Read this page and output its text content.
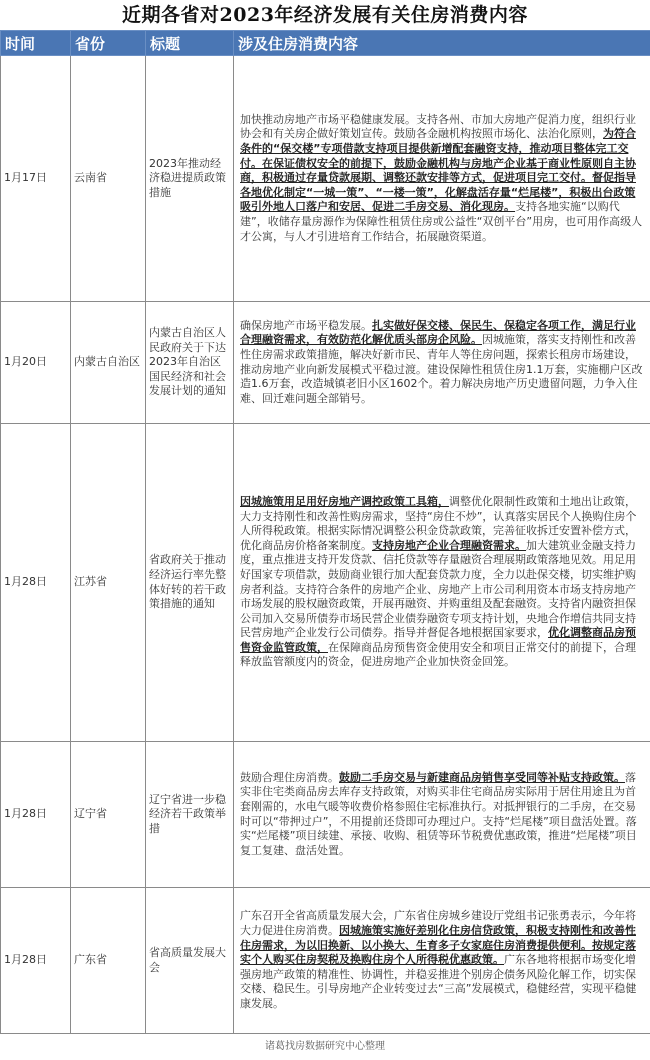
近期各省对2023年经济发展有关住房消费内容
时间	省份	标题	涉及住房消费内容
1月17日	云南省	2023年推动经济稳进提质政策措施	加快推动房地产市场平稳健康发展。支持各州、市加大房地产促消力度，组织行业协会和有关房企做好策划宣传。鼓励各金融机构按照市场化、法治化原则，为符合条件的“保交楼”专项借款支持项目提供新增配套融资支持，推动项目整体完工交付。在保证债权安全的前提下，鼓励金融机构与房地产企业基于商业性原则自主协商，积极通过存量贷款展期、调整还款安排等方式，促进项目完工交付。督促指导各地优化制定“一城一策”、“一楼一策”，化解盘活存量“烂尾楼”，积极出台政策吸引外地人口落户和安居、促进二手房交易、消化现房。支持各地实施“以购代建”，收储存量房源作为保障性租赁住房或公益性“双创平台”用房，也可用作高级人才公寓，与人才引进培育工作结合，拓展融资渠道。

1月20日	内蒙古自治区	内蒙古自治区人民政府关于下达2023年自治区国民经济和社会发展计划的通知	确保房地产市场平稳发展。扎实做好保交楼、保民生、保稳定各项工作，满足行业合理融资需求，有效防范化解优质头部房企风险。因城施策，落实支持刚性和改善性住房需求政策措施，解决好新市民、青年人等住房问题，探索长租房市场建设，推动房地产业向新发展模式平稳过渡。建设保障性租赁住房1.1万套，实施棚户区改造1.6万套，改造城镇老旧小区1602个。着力解决房地产历史遗留问题，力争入住难、回迁难问题全部销号。

1月28日	江苏省	省政府关于推动经济运行率先整体好转的若干政策措施的通知	因城施策用足用好房地产调控政策工具箱，调整优化限制性政策和土地出让政策，大力支持刚性和改善性购房需求，坚持“房住不炒”，认真落实居民个人换购住房个人所得税政策。根据实际情况调整公积金贷款政策，完善征收拆迁安置补偿方式，优化商品房价格备案制度。支持房地产企业合理融资需求。加大建筑业金融支持力度，重点推进支持开发贷款、信托贷款等存量融资合理展期政策落地见效。用足用好国家专项借款，鼓励商业银行加大配套贷款力度，全力以赴保交楼，切实维护购房者利益。支持符合条件的房地产企业、房地产上市公司利用资本市场支持房地产市场发展的股权融资政策，开展再融资、并购重组及配套融资。支持省内融资担保公司加入交易所债券市场民营企业债券融资专项支持计划，央地合作增信共同支持民营房地产企业发行公司债券。指导并督促各地根据国家要求，优化调整商品房预售资金监管政策，在保障商品房预售资金使用安全和项目正常交付的前提下，合理释放监管额度内的资金，促进房地产企业加快资金回笼。

1月28日	辽宁省	辽宁省进一步稳经济若干政策举措	鼓励合理住房消费。鼓励二手房交易与新建商品房销售享受同等补贴支持政策。落实非住宅类商品房去库存支持政策，对购买非住宅商品房实际用于居住用途且为首套刚需的，水电气暖等收费价格参照住宅标准执行。对抵押银行的二手房，在交易时可以“带押过户”，不用提前还贷即可办理过户。支持“烂尾楼”项目盘活处置。落实“烂尾楼”项目续建、承接、收购、租赁等环节税费优惠政策，推进“烂尾楼”项目复工复建、盘活处置。

1月28日	广东省	省高质量发展大会	广东召开全省高质量发展大会，广东省住房城乡建设厅党组书记张勇表示，今年将大力促进住房消费。因城施策实施好差别化住房信贷政策，积极支持刚性和改善性住房需求，为以旧换新、以小换大、生育多子女家庭住房消费提供便利。按规定落实个人购买住房契税及换购住房个人所得税优惠政策。广东各地将根据市场变化增强房地产政策的精准性、协调性，并稳妥推进个别房企债务风险化解工作，切实保交楼、稳民生。引导房地产企业转变过去“三高”发展模式，稳健经营，实现平稳健康发展。

诸葛找房数据研究中心整理
